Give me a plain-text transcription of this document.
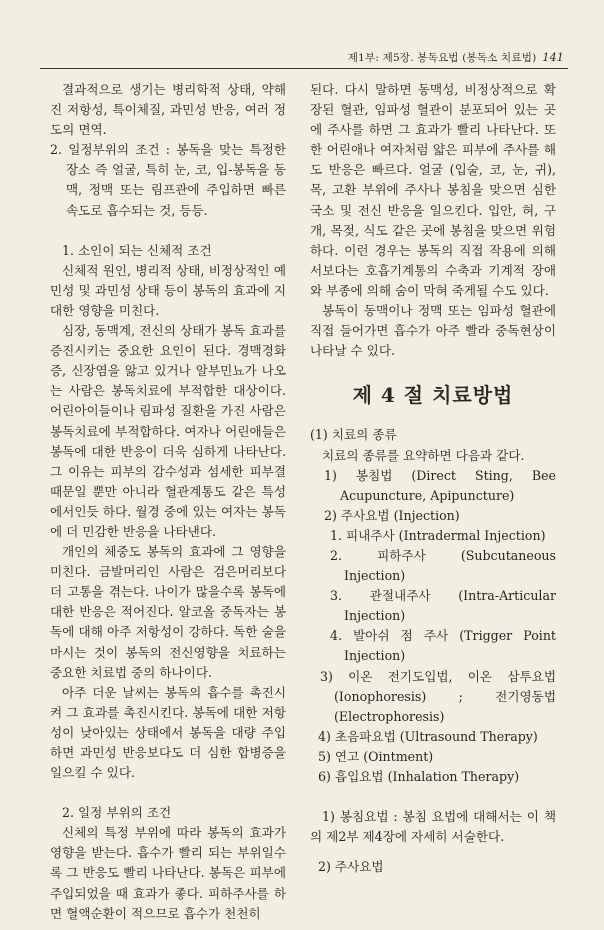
제1부: 제5장. 봉독요법 (봉독소 치료법) 141

결과적으로 생기는 병리학적 상태, 약해진 저항성, 특이체질, 과민성 반응, 여러 정도의 면역.

2. 일정부위의 조건 : 봉독을 맞는 특정한 장소 즉 얼굴, 특히 눈, 코, 입-봉독을 동맥, 정맥 또는 림프관에 주입하면 빠른 속도로 흡수되는 것, 등등.

1. 소인이 되는 신체적 조건

신체적 원인, 병리적 상태, 비정상적인 예민성 및 과민성 상태 등이 봉독의 효과에 지대한 영향을 미친다.

심장, 동맥계, 전신의 상태가 봉독 효과를 증진시키는 중요한 요인이 된다. 경맥경화증, 신장염을 앓고 있거나 알부민뇨가 나오는 사람은 봉독치료에 부적합한 대상이다. 어린아이들이나 림파성 질환을 가진 사람은 봉독치료에 부적합하다. 여자나 어린애들은 봉독에 대한 반응이 더욱 심하게 나타난다. 그 이유는 피부의 감수성과 섬세한 피부결 때문일 뿐만 아니라 혈관계통도 같은 특성에서인듯 하다. 월경 중에 있는 여자는 봉독에 더 민감한 반응을 나타낸다.

개인의 체중도 봉독의 효과에 그 영향을 미친다. 금발머리인 사람은 검은머리보다 더 고통을 겪는다. 나이가 많을수록 봉독에 대한 반응은 적어진다. 알코올 중독자는 봉독에 대해 아주 저항성이 강하다. 독한 술을 마시는 것이 봉독의 전신영향을 치료하는 중요한 치료법 중의 하나이다.

아주 더운 날씨는 봉독의 흡수를 촉진시켜 그 효과를 촉진시킨다. 봉독에 대한 저항성이 낮아있는 상태에서 봉독을 대량 주입하면 과민성 반응보다도 더 심한 합병증을 일으킬 수 있다.

2. 일정 부위의 조건

신체의 특정 부위에 따라 봉독의 효과가 영향을 받는다. 흡수가 빨리 되는 부위일수록 그 반응도 빨리 나타난다. 봉독은 피부에 주입되었을 때 효과가 좋다. 피하주사를 하면 혈액순환이 적으므로 흡수가 천천히

된다. 다시 말하면 동맥성, 비정상적으로 확장된 혈관, 임파성 혈관이 분포되어 있는 곳에 주사를 하면 그 효과가 빨리 나타난다. 또한 어린애나 여자처럼 얇은 피부에 주사를 해도 반응은 빠르다. 얼굴 (입술, 코, 눈, 귀), 목, 고환 부위에 주사나 봉침을 맞으면 심한 국소 및 전신 반응을 일으킨다. 입안, 혀, 구개, 목젖, 식도 같은 곳에 봉침을 맞으면 위험하다. 이런 경우는 봉독의 직접 작용에 의해서보다는 호흡기계통의 수축과 기계적 장애와 부종에 의해 숨이 막혀 죽게될 수도 있다.

봉독이 동맥이나 정맥 또는 임파성 혈관에 직접 들어가면 흡수가 아주 빨라 중독현상이 나타날 수 있다.

제 4 절 치료방법

(1) 치료의 종류

치료의 종류를 요약하면 다음과 같다.

1) 봉침법 (Direct Sting, Bee Acupuncture, Apipuncture)

2) 주사요법 (Injection)

1. 피내주사 (Intradermal Injection)

2. 피하주사 (Subcutaneous Injection)

3. 관절내주사 (Intra-Articular Injection)

4. 발아쉬 점 주사 (Trigger Point Injection)

3) 이온 전기도입법, 이온 삼투요법 (Ionophoresis) ; 전기영동법 (Electrophoresis)

4) 초음파요법 (Ultrasound Therapy)

5) 연고 (Ointment)

6) 흡입요법 (Inhalation Therapy)

1) 봉침요법 : 봉침 요법에 대해서는 이 책의 제2부 제4장에 자세히 서술한다.

2) 주사요법
